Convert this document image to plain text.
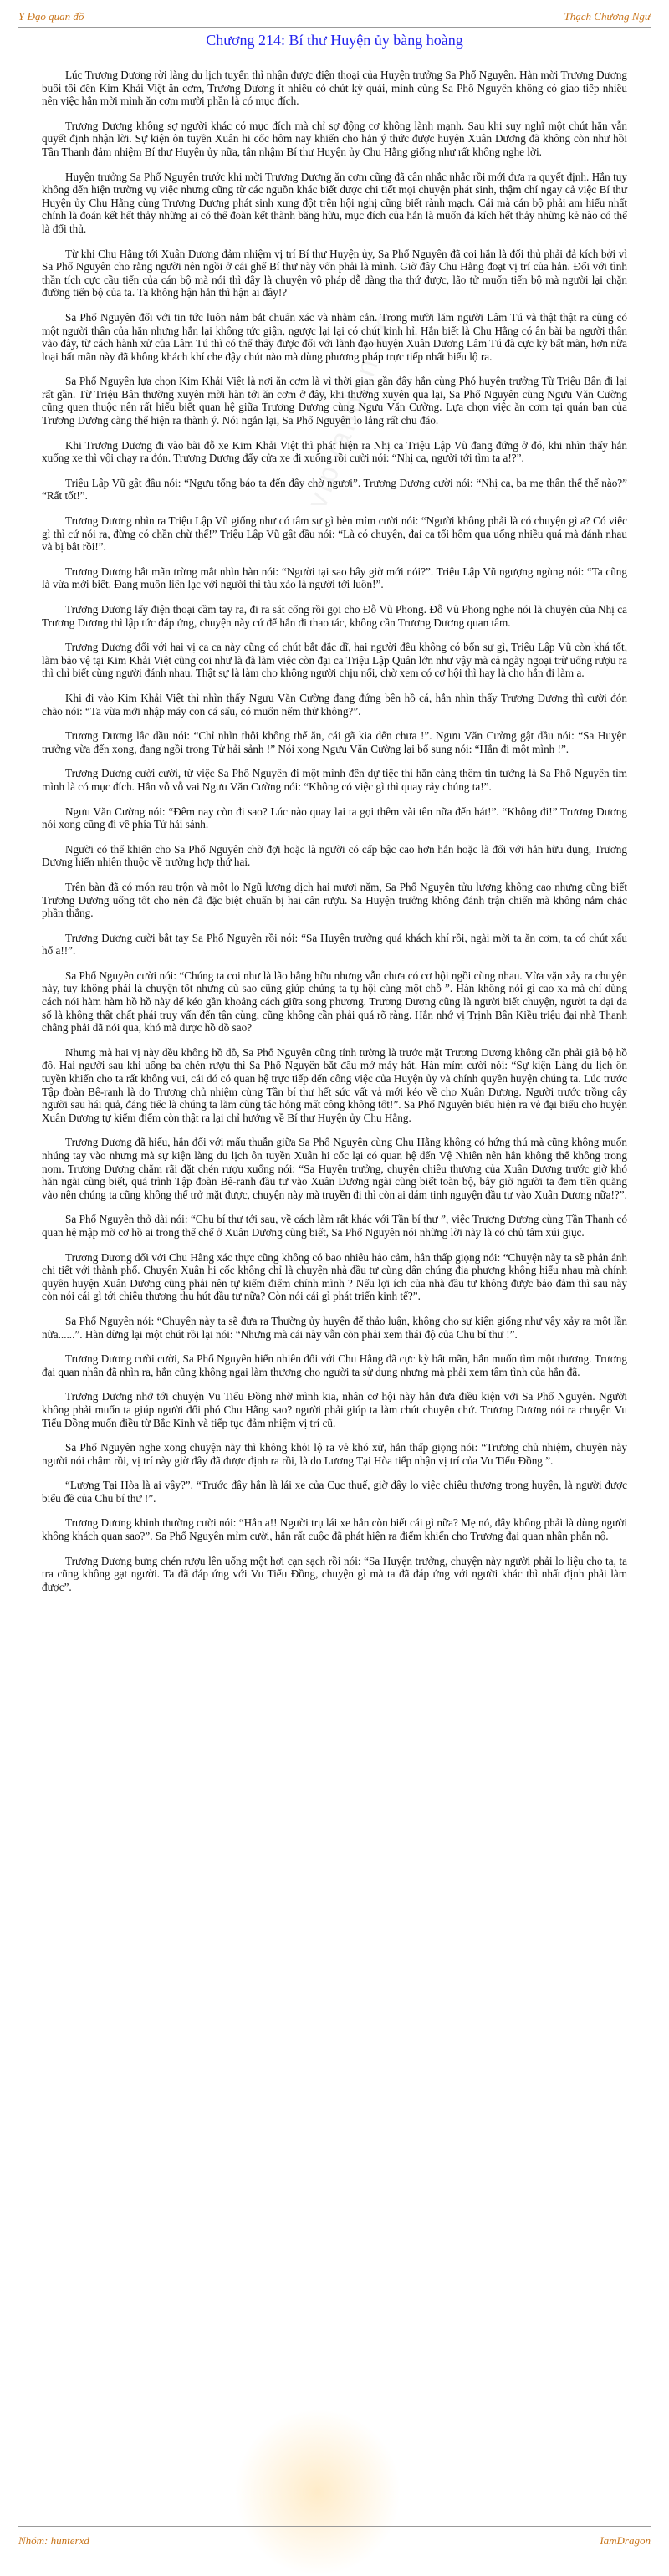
Y Đạo quan đồ	Thạch Chương Ngư
Chương 214: Bí thư Huyện ủy bàng hoàng
vipvandan.vn

Lúc Trương Dương rời làng du lịch tuyển thì nhận được điện thoại của Huyện trưởng Sa Phổ Nguyên. Hàn mời Trương Dương buổi tối đến Kim Khải Việt ăn cơm, Trương Dương ít nhiều có chút kỳ quái, minh cùng Sa Phổ Nguyên không có giao tiếp nhiều nên việc hắn mời mình ăn cơm mười phần là có mục đích.

Trương Dương không sợ người khác có mục đích mà chỉ sợ động cơ không lành mạnh. Sau khi suy nghĩ một chút hắn vẫn quyết định nhận lời. Sự kiện ôn tuyền Xuân hi cốc hôm nay khiến cho hắn ý thức được huyện Xuân Dương đã không còn như hồi Tần Thanh đảm nhiệm Bí thư Huyện ủy nữa, tân nhậm Bí thư Huyện ủy Chu Hằng giống như rất không nghe lời.

Huyện trưởng Sa Phổ Nguyên trước khi mời Trương Dương ăn cơm cũng đã cân nhắc nhắc rồi mới đưa ra quyết định. Hắn tuy không đến hiện trường vụ việc nhưng cũng từ các nguồn khác biết được chi tiết mọi chuyện phát sinh, thậm chí ngay cả việc Bí thư Huyện ủy Chu Hằng cùng Trương Dương phát sinh xung đột trên hội nghị cũng biết rành mạch. Cái mà cán bộ phải am hiểu nhất chính là đoán kết hết thảy những ai có thể đoàn kết thành băng hữu, mục đích của hắn là muốn đả kích hết thảy những kẻ nào có thể là đối thủ.

Từ khi Chu Hằng tới Xuân Dương đảm nhiệm vị trí Bí thư Huyện ủy, Sa Phổ Nguyên đã coi hắn là đối thủ phải đả kích bởi vì Sa Phổ Nguyên cho rằng người nên ngồi ở cái ghế Bí thư này vốn phải là mình. Giờ đây Chu Hằng đoạt vị trí của hắn. Đối với tình thần tích cực cầu tiến của cán bộ mà nói thì đây là chuyện vô pháp dễ dàng tha thứ được, lão tử muốn tiến bộ mà người lại chặn đường tiến bộ của ta. Ta không hận hắn thì hận ai đây!?

Sa Phổ Nguyên đối với tin tức luôn nắm bắt chuẩn xác và nhằm cắn. Trong mười lăm người Lâm Tú và thật thật ra cũng có một người thân của hắn nhưng hắn lại không tức giận, ngược lại lại có chút kinh hỉ. Hắn biết là Chu Hằng có ân bài ba người thân vào đây, từ cách hành xử của Lâm Tú thì có thể thấy được đối với lãnh đạo huyện Xuân Dương Lâm Tú đã cực kỳ bất mãn, hơn nữa loại bất mãn này đã không khách khí che đậy chút nào mà dùng phương pháp trực tiếp nhất biểu lộ ra.

Sa Phổ Nguyên lựa chọn Kim Khải Việt là nơi ăn cơm là vì thời gian gần đây hắn cùng Phó huyện trưởng Từ Triệu Bân đi lại rất gần. Từ Triệu Bân thường xuyên mời hàn tới ăn cơm ở đây, khi thường xuyên qua lại, Sa Phổ Nguyên cùng Ngưu Văn Cường cũng quen thuộc nên rất hiểu biết quan hệ giữa Trương Dương cùng Ngưu Văn Cường. Lựa chọn việc ăn cơm tại quán bạn của Trương Dương càng thể hiện ra thành ý. Nói ngắn lại, Sa Phổ Nguyên lo lắng rất chu đáo.

Khi Trương Dương đi vào bãi đỗ xe Kim Khải Việt thì phát hiện ra Nhị ca Triệu Lập Vũ đang đứng ở đó, khi nhìn thấy hắn xuống xe thì vội chạy ra đón. Trương Dương đẩy cửa xe đi xuống rồi cười nói: “Nhị ca, người tới tìm ta a!?”.

Triệu Lập Vũ gật đầu nói: “Ngưu tổng báo ta đến đây chờ ngươi”. Trương Dương cười nói: “Nhị ca, ba mẹ thân thể thế nào?” “Rất tốt!”.

Trương Dương nhìn ra Triệu Lập Vũ giống như có tâm sự gì bèn mỉm cười nói: “Người không phải là có chuyện gì a? Có việc gì thì cứ nói ra, đừng có chần chừ thế!” Triệu Lập Vũ gật đầu nói: “Là có chuyện, đại ca tối hôm qua uống nhiều quá mà đánh nhau và bị bắt rồi!”.

Trương Dương bắt mãn trừng mắt nhìn hàn nói: “Người tại sao bây giờ mới nói?”. Triệu Lập Vũ ngượng ngùng nói: “Ta cũng là vừa mới biết. Đang muốn liên lạc với người thì tàu xảo là người tới luôn!”.

Trương Dương lấy điện thoại cầm tay ra, đi ra sát cổng rồi gọi cho Đỗ Vũ Phong. Đỗ Vũ Phong nghe nói là chuyện của Nhị ca Trương Dương thì lập tức đáp ứng, chuyện này cứ để hắn đi thao tác, không cần Trương Dương quan tâm.

Trương Dương đối với hai vị ca ca này cũng có chút bắt đắc dĩ, hai người đều không có bổn sự gì, Triệu Lập Vũ còn khá tốt, làm bảo vệ tại Kim Khải Việt cũng coi như là đã làm việc còn đại ca Triệu Lập Quân lớn như vậy mà cả ngày ngoại trừ uống rượu ra thì chỉ biết cùng người đánh nhau. Thật sự là làm cho không người chịu nổi, chờ xem có cơ hội thì hay là cho hắn đi làm a.

Khi đi vào Kim Khải Việt thì nhìn thấy Ngưu Văn Cường đang đứng bên hồ cá, hắn nhìn thấy Trương Dương thì cười đón chào nói: “Ta vừa mới nhập máy con cá sấu, có muốn nếm thử không?”.

Trương Dương lắc đầu nói: “Chỉ nhìn thôi không thể ăn, cái gã kia đến chưa !”. Ngưu Văn Cường gật đầu nói: “Sa Huyện trưởng vừa đến xong, đang ngồi trong Tử hải sảnh !” Nói xong Ngưu Văn Cường lại bổ sung nói: “Hắn đi một mình !”.

Trương Dương cười cười, từ việc Sa Phổ Nguyên đi một mình đến dự tiệc thì hắn càng thêm tin tưởng là Sa Phổ Nguyên tìm mình là có mục đích. Hắn vỗ vỗ vai Ngưu Văn Cường nói: “Không có việc gì thì quay rảy chúng ta!”.

Ngưu Văn Cường nói: “Đêm nay còn đi sao? Lúc nào quay lại ta gọi thêm vài tên nữa đến hát!”. “Không đi!” Trương Dương nói xong cũng đi về phía Tử hải sảnh.

Người có thể khiến cho Sa Phổ Nguyên chờ đợi hoặc là người có cấp bậc cao hơn hắn hoặc là đối với hắn hữu dụng, Trương Dương hiển nhiên thuộc về trường hợp thứ hai.

Trên bàn đã có món rau trộn và một lọ Ngũ lương dịch hai mươi năm, Sa Phổ Nguyên tửu lượng không cao nhưng cũng biết Trương Dương uống tốt cho nên đã đặc biệt chuẩn bị hai cân rượu. Sa Huyện trưởng không đánh trận chiến mà không nắm chắc phần thắng.

Trương Dương cười bắt tay Sa Phổ Nguyên rồi nói: “Sa Huyện trưởng quá khách khí rồi, ngài mời ta ăn cơm, ta có chút xấu hổ a!!”.

Sa Phổ Nguyên cười nói: “Chúng ta coi như là lão bằng hữu nhưng vẫn chưa có cơ hội ngồi cùng nhau. Vừa vặn xảy ra chuyện này, tuy không phải là chuyện tốt nhưng dù sao cũng giúp chúng ta tụ hội cùng một chỗ ”. Hàn không nói gì cao xa mà chỉ dùng cách nói hàm hàm hồ hồ này để kéo gần khoảng cách giữa song phương. Trương Dương cũng là người biết chuyện, người ta đại đa số là không thật chất phái truy vấn đến tận cùng, cũng không cần phải quá rõ ràng. Hắn nhớ vị Trịnh Bân Kiều triệu đại nhà Thanh chẳng phải đã nói qua, khó mà được hồ đồ sao?

Nhưng mà hai vị này đều không hồ đồ, Sa Phổ Nguyên cũng tính tường là trước mặt Trương Dương không cần phải giả bộ hồ đồ. Hai người sau khi uống ba chén rượu thì Sa Phổ Nguyên bắt đầu mở máy hát. Hàn mỉm cười nói: “Sự kiện Làng du lịch ôn tuyền khiến cho ta rất không vui, cái đó có quan hệ trực tiếp đến công việc của Huyện ủy và chính quyền huyện chúng ta. Lúc trước Tập đoàn Bê-ranh là do Trương chủ nhiệm cùng Tần bí thư hết sức vất vả mới kéo về cho Xuân Dương. Người trước trồng cây người sau hái quả, đáng tiếc là chúng ta lăm cũng tác hỏng mất công không tốt!”. Sa Phổ Nguyên biểu hiện ra vẻ đại biểu cho huyện Xuân Dương tự kiểm điểm còn thật ra lại chỉ hướng về Bí thư Huyện ủy Chu Hằng.

Trương Dương đã hiểu, hắn đối với mấu thuẫn giữa Sa Phổ Nguyên cùng Chu Hằng không có hứng thú mà cũng không muốn nhúng tay vào nhưng mà sự kiện làng du lịch ôn tuyền Xuân hi cốc lại có quan hệ đến Vệ Nhiên nên hắn không thể không trong nom. Trương Dương chăm rãi đặt chén rượu xuống nói: “Sa Huyện trưởng, chuyện chiêu thương của Xuân Dương trước giờ khó hăn ngài cũng biết, quá trình Tập đoàn Bê-ranh đầu tư vào Xuân Dương ngài cũng biết toàn bộ, bây giờ người ta đem tiền quăng vào nên chúng ta cũng không thể trở mặt được, chuyện này mà truyền đi thì còn ai dám tinh nguyện đầu tư vào Xuân Dương nữa!?”.

Sa Phổ Nguyên thở dài nói: “Chu bí thư tới sau, về cách làm rất khác với Tần bí thư ”, việc Trương Dương cùng Tần Thanh có quan hệ mập mờ cơ hồ ai trong thể chế ở Xuân Dương cũng biết, Sa Phổ Nguyên nói những lời này là có chủ tâm xúi giục.

Trương Dương đối với Chu Hằng xác thực cũng không có bao nhiêu hảo cảm, hắn thấp giọng nói: “Chuyện này ta sẽ phản ánh chi tiết với thành phố. Chuyện Xuân hi cốc không chỉ là chuyện nhà đầu tư cùng dân chúng địa phương không hiểu nhau mà chính quyền huyện Xuân Dương cũng phải nên tự kiểm điểm chính mình ? Nếu lợi ích của nhà đầu tư không được bảo đảm thì sau này còn nói cái gì tới chiêu thương thu hút đầu tư nữa? Còn nói cái gì phát triển kinh tế?”.

Sa Phổ Nguyên nói: “Chuyện này ta sẽ đưa ra Thường ủy huyện để thảo luận, không cho sự kiện giống như vậy xảy ra một lần nữa......”. Hàn dừng lại một chút rồi lại nói: “Nhưng mà cái này vẫn còn phải xem thái độ của Chu bí thư !”.

Trương Dương cười cười, Sa Phổ Nguyên hiển nhiên đối với Chu Hằng đã cực kỳ bất mãn, hắn muốn tìm một thương. Trương đại quan nhân đã nhìn ra, hắn cũng không ngại làm thương cho người ta sử dụng nhưng mà phải xem tâm tình của hắn đã.

Trương Dương nhớ tới chuyện Vu Tiểu Đồng nhờ mình kia, nhân cơ hội này hắn đưa điều kiện với Sa Phổ Nguyên. Người không phải muốn ta giúp người đối phó Chu Hằng sao? người phải giúp ta làm chút chuyện chứ. Trương Dương nói ra chuyện Vu Tiểu Đồng muốn điều từ Bắc Kinh và tiếp tục đảm nhiệm vị trí cũ.

Sa Phổ Nguyên nghe xong chuyện này thì không khỏi lộ ra vẻ khó xử, hắn thấp giọng nói: “Trương chủ nhiệm, chuyện này người nói chậm rồi, vị trí này giờ đây đã được định ra rồi, là do Lương Tại Hòa tiếp nhận vị trí của Vu Tiểu Đồng ”.

“Lương Tại Hòa là ai vậy?”. “Trước đây hắn là lái xe của Cục thuế, giờ đây lo việc chiêu thương trong huyện, là người được biểu đề của Chu bí thư !”.

Trương Dương khinh thường cười nói: “Hắn a!! Người trụ lái xe hắn còn biết cái gì nữa? Mẹ nó, đây không phải là dùng người không khách quan sao?”. Sa Phổ Nguyên mỉm cười, hắn rất cuộc đã phát hiện ra điểm khiến cho Trương đại quan nhân phẫn nộ.

Trương Dương bưng chén rượu lên uống một hơi cạn sạch rồi nói: “Sa Huyện trưởng, chuyện này người phải lo liệu cho ta, ta tra cũng không gạt người. Ta đã đáp ứng với Vu Tiểu Đồng, chuyện gì mà ta đã đáp ứng với người khác thì nhất định phải làm được”.

Nhóm: hunterxd	IamDragon
